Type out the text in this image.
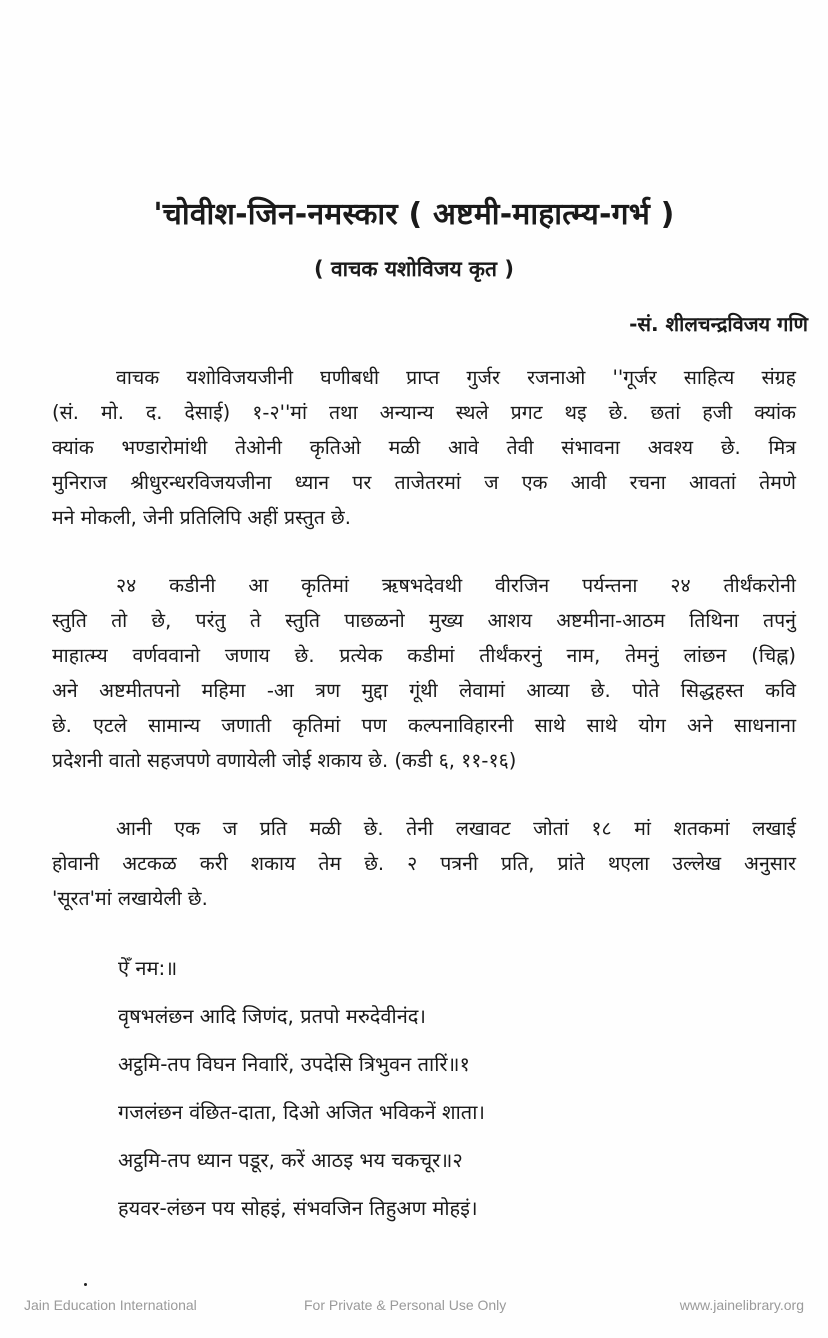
'चोवीश-जिन-नमस्कार ( अष्टमी-माहात्म्य-गर्भ )
( वाचक यशोविजय कृत )
-सं. शीलचन्द्रविजय गणि
वाचक यशोविजयजीनी घणीबधी प्राप्त गुर्जर रजनाओ ''गूर्जर साहित्य संग्रह
(सं. मो. द. देसाई) १-२''मां तथा अन्यान्य स्थले प्रगट थइ छे. छतां हजी क्यांक
क्यांक भण्डारोमांथी तेओनी कृतिओ मळी आवे तेवी संभावना अवश्य छे. मित्र
मुनिराज श्रीधुरन्धरविजयजीना ध्यान पर ताजेतरमां ज एक आवी रचना आवतां तेमणे
मने मोकली, जेनी प्रतिलिपि अहीं प्रस्तुत छे.
२४ कडीनी आ कृतिमां ऋषभदेवथी वीरजिन पर्यन्तना २४ तीर्थंकरोनी
स्तुति तो छे, परंतु ते स्तुति पाछळनो मुख्य आशय अष्टमीना-आठम तिथिना तपनुं
माहात्म्य वर्णववानो जणाय छे. प्रत्येक कडीमां तीर्थंकरनुं नाम, तेमनुं लांछन (चिह्न)
अने अष्टमीतपनो महिमा -आ त्रण मुद्दा गूंथी लेवामां आव्या छे. पोते सिद्धहस्त कवि
छे. एटले सामान्य जणाती कृतिमां पण कल्पनाविहारनी साथे साथे योग अने साधनाना
प्रदेशनी वातो सहजपणे वणायेली जोई शकाय छे. (कडी ६, ११-१६)
आनी एक ज प्रति मळी छे. तेनी लखावट जोतां १८ मां शतकमां लखाई
होवानी अटकळ करी शकाय तेम छे. २ पत्रनी प्रति, प्रांते थएला उल्लेख अनुसार
'सूरत'मां लखायेली छे.
ऐँ नम:॥
वृषभलंछन आदि जिणंद, प्रतपो मरुदेवीनंद।
अट्ठमि-तप विघन निवारिं, उपदेसि त्रिभुवन तारिं॥१
गजलंछन वंछित-दाता, दिओ अजित भविकनें शाता।
अट्ठमि-तप ध्यान पडूर, करें आठइ भय चकचूर॥२
हयवर-लंछन पय सोहइं, संभवजिन तिहुअण मोहइं।
Jain Education International	For Private & Personal Use Only	www.jainelibrary.org
